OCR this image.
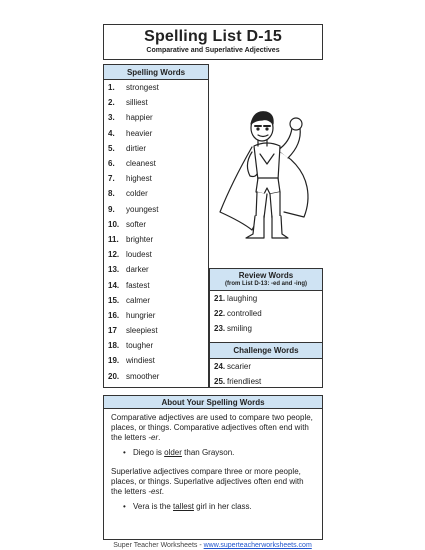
Spelling List D-15
Comparative and Superlative Adjectives
Spelling Words
1.	strongest
2.	silliest
3.	happier
4.	heavier
5.	dirtier
6.	cleanest
7.	highest
8.	colder
9.	youngest
10. softer
11. brighter
12. loudest
13. darker
14. fastest
15. calmer
16. hungrier
17	sleepiest
18. tougher
19. windiest
20. smoother
Review Words
(from List D-13: -ed and -ing)
21. laughing
22. controlled
23. smiling
Challenge Words
24. scarier
25. friendliest
About Your Spelling Words

Comparative adjectives are used to compare two people, places, or things. Comparative adjectives often end with the letters -er.

• Diego is older than Grayson.

Superlative adjectives compare three or more people, places, or things. Superlative adjectives often end with the letters -est.

• Vera is the tallest girl in her class.
Super Teacher Worksheets - www.superteacherworksheets.com
